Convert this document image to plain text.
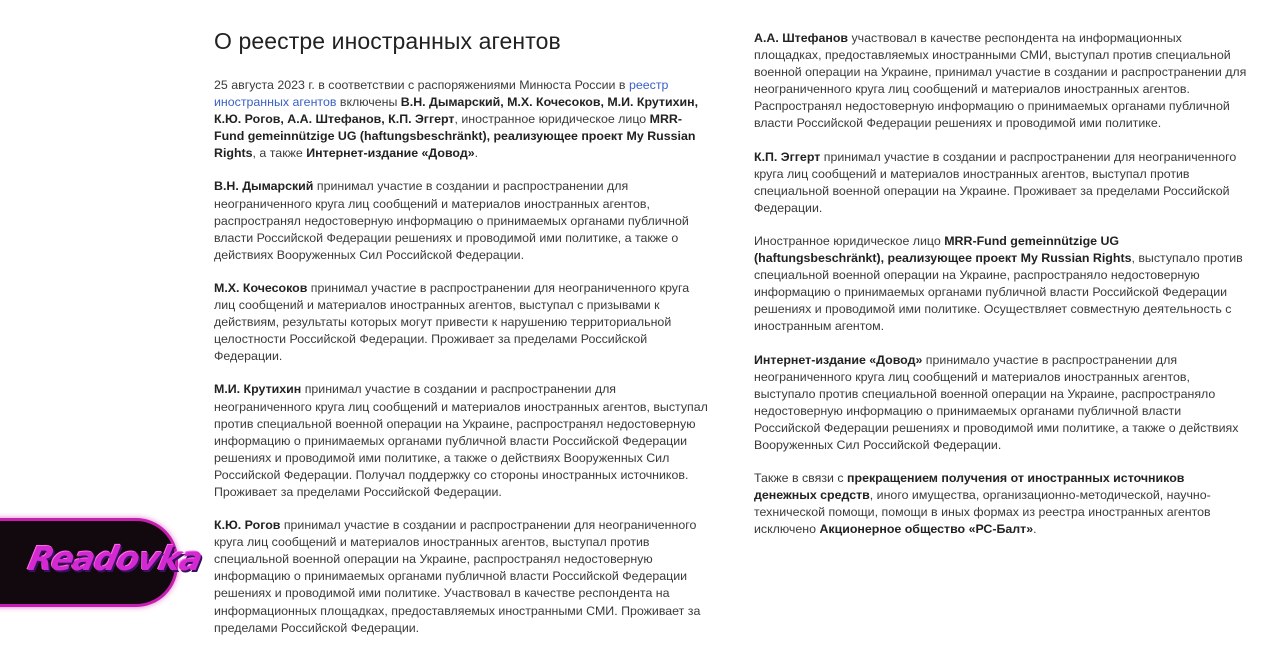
О реестре иностранных агентов

25 августа 2023 г. в соответствии с распоряжениями Минюста России в реестр иностранных агентов включены В.Н. Дымарский, М.Х. Кочесоков, М.И. Крутихин, К.Ю. Рогов, А.А. Штефанов, К.П. Эггерт, иностранное юридическое лицо MRR-Fund gemeinnützige UG (haftungsbeschränkt), реализующее проект My Russian Rights, а также Интернет-издание «Довод».

В.Н. Дымарский принимал участие в создании и распространении для неограниченного круга лиц сообщений и материалов иностранных агентов, распространял недостоверную информацию о принимаемых органами публичной власти Российской Федерации решениях и проводимой ими политике, а также о действиях Вооруженных Сил Российской Федерации.

М.Х. Кочесоков принимал участие в распространении для неограниченного круга лиц сообщений и материалов иностранных агентов, выступал с призывами к действиям, результаты которых могут привести к нарушению территориальной целостности Российской Федерации. Проживает за пределами Российской Федерации.

М.И. Крутихин принимал участие в создании и распространении для неограниченного круга лиц сообщений и материалов иностранных агентов, выступал против специальной военной операции на Украине, распространял недостоверную информацию о принимаемых органами публичной власти Российской Федерации решениях и проводимой ими политике, а также о действиях Вооруженных Сил Российской Федерации. Получал поддержку со стороны иностранных источников. Проживает за пределами Российской Федерации.

К.Ю. Рогов принимал участие в создании и распространении для неограниченного круга лиц сообщений и материалов иностранных агентов, выступал против специальной военной операции на Украине, распространял недостоверную информацию о принимаемых органами публичной власти Российской Федерации решениях и проводимой ими политике. Участвовал в качестве респондента на информационных площадках, предоставляемых иностранными СМИ. Проживает за пределами Российской Федерации.

А.А. Штефанов участвовал в качестве респондента на информационных площадках, предоставляемых иностранными СМИ, выступал против специальной военной операции на Украине, принимал участие в создании и распространении для неограниченного круга лиц сообщений и материалов иностранных агентов. Распространял недостоверную информацию о принимаемых органами публичной власти Российской Федерации решениях и проводимой ими политике.

К.П. Эггерт принимал участие в создании и распространении для неограниченного круга лиц сообщений и материалов иностранных агентов, выступал против специальной военной операции на Украине. Проживает за пределами Российской Федерации.

Иностранное юридическое лицо MRR-Fund gemeinnützige UG (haftungsbeschränkt), реализующее проект My Russian Rights, выступало против специальной военной операции на Украине, распространяло недостоверную информацию о принимаемых органами публичной власти Российской Федерации решениях и проводимой ими политике. Осуществляет совместную деятельность с иностранным агентом.

Интернет-издание «Довод» принимало участие в распространении для неограниченного круга лиц сообщений и материалов иностранных агентов, выступало против специальной военной операции на Украине, распространяло недостоверную информацию о принимаемых органами публичной власти Российской Федерации решениях и проводимой ими политике, а также о действиях Вооруженных Сил Российской Федерации.

Также в связи с прекращением получения от иностранных источников денежных средств, иного имущества, организационно-методической, научно-технической помощи, помощи в иных формах из реестра иностранных агентов исключено Акционерное общество «РС-Балт».

Readovka
